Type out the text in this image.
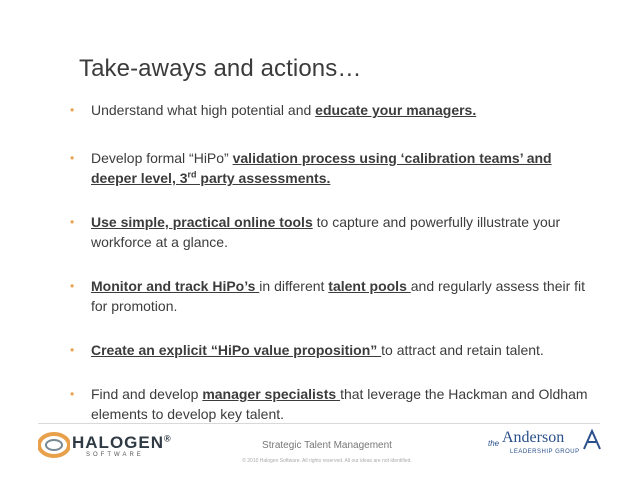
Take-aways and actions…
• Understand what high potential and educate your managers.
• Develop formal “HiPo” validation process using ‘calibration teams’ and deeper level, 3rd party assessments.
• Use simple, practical online tools to capture and powerfully illustrate your workforce at a glance.
• Monitor and track HiPo’s in different talent pools and regularly assess their fit for promotion.
• Create an explicit “HiPo value proposition” to attract and retain talent.
• Find and develop manager specialists that leverage the Hackman and Oldham elements to develop key talent.
HALOGEN®
SOFTWARE
Strategic Talent Management
© 2010 Halogen Software. All rights reserved. All our ideas are not identified.
the Anderson
LEADERSHIP GROUP
